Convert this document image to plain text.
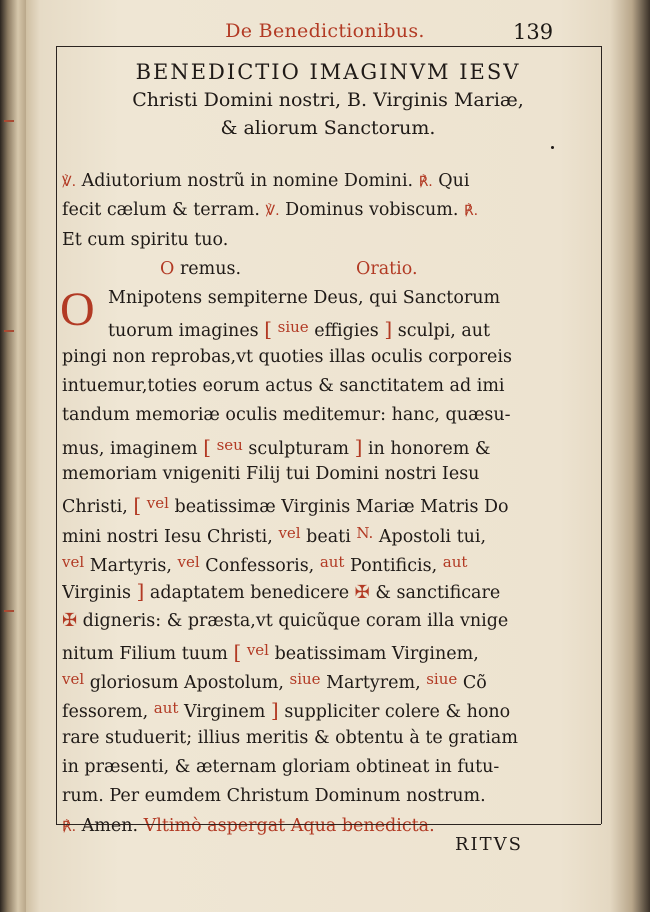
De Benedictionibus.	139
BENEDICTIO IMAGINVM IESV
Christi Domini nostri, B. Virginis Mariæ,
& aliorum Sanctorum.
℣. Adiutorium nostrũ in nomine Domini. ℟. Qui
fecit cælum & terram. ℣. Dominus vobiscum. ℟.
Et cum spiritu tuo.
O remus.	Oratio.
O Mnipotens sempiterne Deus, qui Sanctorum
tuorum imagines [ siue effigies ] sculpi, aut
pingi non reprobas,vt quoties illas oculis corporeis
intuemur,toties eorum actus & sanctitatem ad imi
tandum memoriæ oculis meditemur: hanc, quæsu-
mus, imaginem [ seu sculpturam ] in honorem &
memoriam vnigeniti Filij tui Domini nostri Iesu
Christi, [ vel beatissimæ Virginis Mariæ Matris Do
mini nostri Iesu Christi, vel beati N. Apostoli tui,
vel Martyris, vel Confessoris, aut Pontificis, aut
Virginis ] adaptatem benedicere ✠ & sanctificare
✠ digneris: & præsta,vt quicũque coram illa vnige
nitum Filium tuum [ vel beatissimam Virginem,
vel gloriosum Apostolum, siue Martyrem, siue Cõ
fessorem, aut Virginem ] suppliciter colere & hono
rare studuerit; illius meritis & obtentu à te gratiam
in præsenti, & æternam gloriam obtineat in futu-
rum. Per eumdem Christum Dominum nostrum.
℟. Amen. Vltimò aspergat Aqua benedicta.
RITVS
